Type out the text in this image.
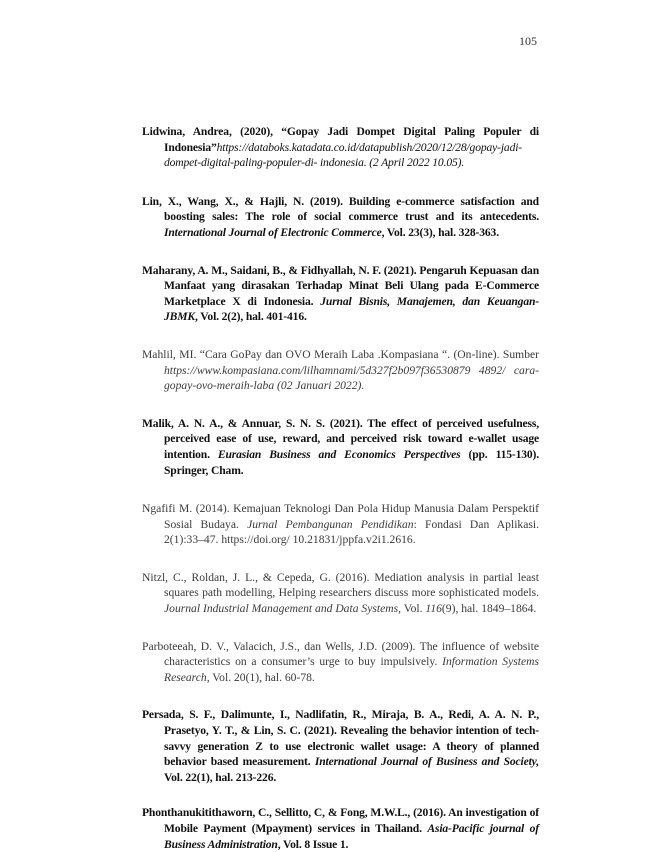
105

Lidwina, Andrea, (2020), “Gopay Jadi Dompet Digital Paling Populer di Indonesia”https://databoks.katadata.co.id/datapublish/2020/12/28/gopay-jadi-dompet-digital-paling-populer-di- indonesia. (2 April 2022 10.05).

Lin, X., Wang, X., & Hajli, N. (2019). Building e-commerce satisfaction and boosting sales: The role of social commerce trust and its antecedents. International Journal of Electronic Commerce, Vol. 23(3), hal. 328-363.

Maharany, A. M., Saidani, B., & Fidhyallah, N. F. (2021). Pengaruh Kepuasan dan Manfaat yang dirasakan Terhadap Minat Beli Ulang pada E-Commerce Marketplace X di Indonesia. Jurnal Bisnis, Manajemen, dan Keuangan-JBMK, Vol. 2(2), hal. 401-416.

Mahlil, MI. “Cara GoPay dan OVO Meraih Laba .Kompasiana “. (On-line). Sumber https://www.kompasiana.com/lilhamnami/5d327f2b097f36530879 4892/ cara-gopay-ovo-meraih-laba (02 Januari 2022).

Malik, A. N. A., & Annuar, S. N. S. (2021). The effect of perceived usefulness, perceived ease of use, reward, and perceived risk toward e-wallet usage intention. Eurasian Business and Economics Perspectives (pp. 115-130). Springer, Cham.

Ngafifi M. (2014). Kemajuan Teknologi Dan Pola Hidup Manusia Dalam Perspektif Sosial Budaya. Jurnal Pembangunan Pendidikan: Fondasi Dan Aplikasi. 2(1):33–47. https://doi.org/ 10.21831/jppfa.v2i1.2616.

Nitzl, C., Roldan, J. L., & Cepeda, G. (2016). Mediation analysis in partial least squares path modelling, Helping researchers discuss more sophisticated models. Journal Industrial Management and Data Systems, Vol. 116(9), hal. 1849–1864.

Parboteeah, D. V., Valacich, J.S., dan Wells, J.D. (2009). The influence of website characteristics on a consumer’s urge to buy impulsively. Information Systems Research, Vol. 20(1), hal. 60-78.

Persada, S. F., Dalimunte, I., Nadlifatin, R., Miraja, B. A., Redi, A. A. N. P., Prasetyo, Y. T., & Lin, S. C. (2021). Revealing the behavior intention of tech-savvy generation Z to use electronic wallet usage: A theory of planned behavior based measurement. International Journal of Business and Society, Vol. 22(1), hal. 213-226.

Phonthanukitithaworn, C., Sellitto, C, & Fong, M.W.L., (2016). An investigation of Mobile Payment (Mpayment) services in Thailand. Asia-Pacific journal of Business Administration, Vol. 8 Issue 1.
